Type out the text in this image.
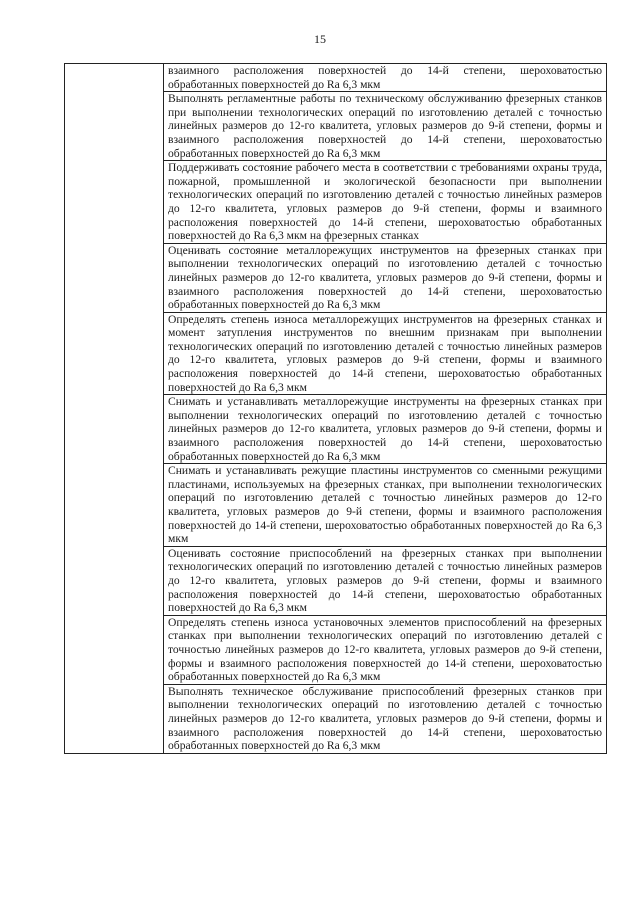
15

взаимного расположения поверхностей до 14-й степени, шероховатостью обработанных поверхностей до Ra 6,3 мкм

Выполнять регламентные работы по техническому обслуживанию фрезерных станков при выполнении технологических операций по изготовлению деталей с точностью линейных размеров до 12-го квалитета, угловых размеров до 9-й степени, формы и взаимного расположения поверхностей до 14-й степени, шероховатостью обработанных поверхностей до Ra 6,3 мкм

Поддерживать состояние рабочего места в соответствии с требованиями охраны труда, пожарной, промышленной и экологической безопасности при выполнении технологических операций по изготовлению деталей с точностью линейных размеров до 12-го квалитета, угловых размеров до 9-й степени, формы и взаимного расположения поверхностей до 14-й степени, шероховатостью обработанных поверхностей до Ra 6,3 мкм на фрезерных станках

Оценивать состояние металлорежущих инструментов на фрезерных станках при выполнении технологических операций по изготовлению деталей с точностью линейных размеров до 12-го квалитета, угловых размеров до 9-й степени, формы и взаимного расположения поверхностей до 14-й степени, шероховатостью обработанных поверхностей до Ra 6,3 мкм

Определять степень износа металлорежущих инструментов на фрезерных станках и момент затупления инструментов по внешним признакам при выполнении технологических операций по изготовлению деталей с точностью линейных размеров до 12-го квалитета, угловых размеров до 9-й степени, формы и взаимного расположения поверхностей до 14-й степени, шероховатостью обработанных поверхностей до Ra 6,3 мкм

Снимать и устанавливать металлорежущие инструменты на фрезерных станках при выполнении технологических операций по изготовлению деталей с точностью линейных размеров до 12-го квалитета, угловых размеров до 9-й степени, формы и взаимного расположения поверхностей до 14-й степени, шероховатостью обработанных поверхностей до Ra 6,3 мкм

Снимать и устанавливать режущие пластины инструментов со сменными режущими пластинами, используемых на фрезерных станках, при выполнении технологических операций по изготовлению деталей с точностью линейных размеров до 12-го квалитета, угловых размеров до 9-й степени, формы и взаимного расположения поверхностей до 14-й степени, шероховатостью обработанных поверхностей до Ra 6,3 мкм

Оценивать состояние приспособлений на фрезерных станках при выполнении технологических операций по изготовлению деталей с точностью линейных размеров до 12-го квалитета, угловых размеров до 9-й степени, формы и взаимного расположения поверхностей до 14-й степени, шероховатостью обработанных поверхностей до Ra 6,3 мкм

Определять степень износа установочных элементов приспособлений на фрезерных станках при выполнении технологических операций по изготовлению деталей с точностью линейных размеров до 12-го квалитета, угловых размеров до 9-й степени, формы и взаимного расположения поверхностей до 14-й степени, шероховатостью обработанных поверхностей до Ra 6,3 мкм

Выполнять техническое обслуживание приспособлений фрезерных станков при выполнении технологических операций по изготовлению деталей с точностью линейных размеров до 12-го квалитета, угловых размеров до 9-й степени, формы и взаимного расположения поверхностей до 14-й степени, шероховатостью обработанных поверхностей до Ra 6,3 мкм
